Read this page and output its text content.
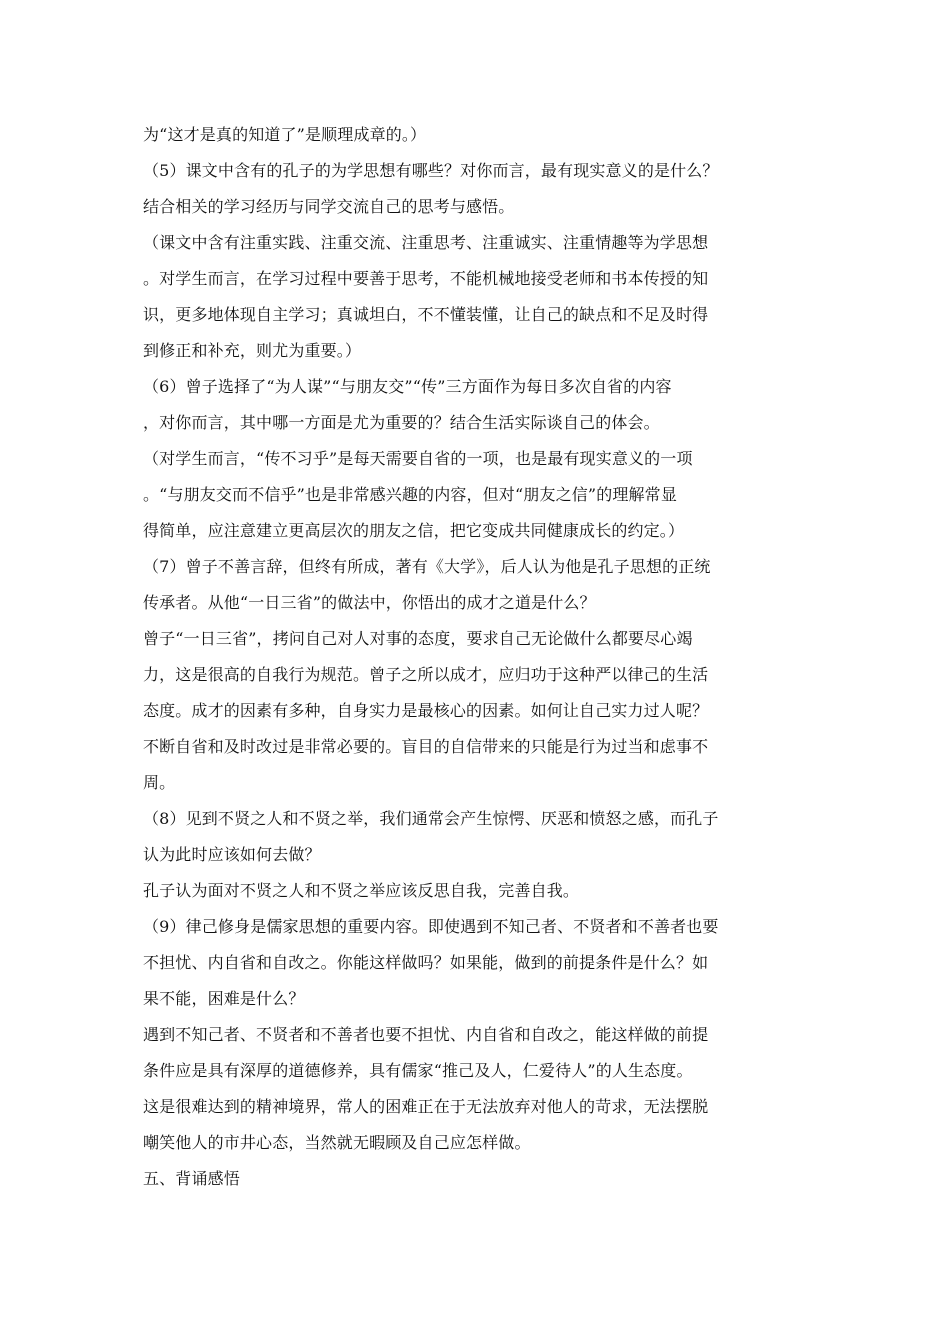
为“这才是真的知道了”是顺理成章的。）
（5）课文中含有的孔子的为学思想有哪些？对你而言，最有现实意义的是什么？
结合相关的学习经历与同学交流自己的思考与感悟。
（课文中含有注重实践、注重交流、注重思考、注重诚实、注重情趣等为学思想
。对学生而言，在学习过程中要善于思考，不能机械地接受老师和书本传授的知
识，更多地体现自主学习；真诚坦白，不不懂装懂，让自己的缺点和不足及时得
到修正和补充，则尤为重要。）
（6）曾子选择了“为人谋”“与朋友交”“传”三方面作为每日多次自省的内容
，对你而言，其中哪一方面是尤为重要的？结合生活实际谈自己的体会。
（对学生而言，“传不习乎”是每天需要自省的一项，也是最有现实意义的一项
。“与朋友交而不信乎”也是非常感兴趣的内容，但对“朋友之信”的理解常显
得简单，应注意建立更高层次的朋友之信，把它变成共同健康成长的约定。）
（7）曾子不善言辞，但终有所成，著有《大学》，后人认为他是孔子思想的正统
传承者。从他“一日三省”的做法中，你悟出的成才之道是什么？
曾子“一日三省”，拷问自己对人对事的态度，要求自己无论做什么都要尽心竭
力，这是很高的自我行为规范。曾子之所以成才，应归功于这种严以律己的生活
态度。成才的因素有多种，自身实力是最核心的因素。如何让自己实力过人呢？
不断自省和及时改过是非常必要的。盲目的自信带来的只能是行为过当和虑事不
周。
（8）见到不贤之人和不贤之举，我们通常会产生惊愕、厌恶和愤怒之感，而孔子
认为此时应该如何去做？
孔子认为面对不贤之人和不贤之举应该反思自我，完善自我。
（9）律己修身是儒家思想的重要内容。即使遇到不知己者、不贤者和不善者也要
不担忧、内自省和自改之。你能这样做吗？如果能，做到的前提条件是什么？如
果不能，困难是什么？
遇到不知己者、不贤者和不善者也要不担忧、内自省和自改之，能这样做的前提
条件应是具有深厚的道德修养，具有儒家“推己及人，仁爱待人”的人生态度。
这是很难达到的精神境界，常人的困难正在于无法放弃对他人的苛求，无法摆脱
嘲笑他人的市井心态，当然就无暇顾及自己应怎样做。
五、背诵感悟
